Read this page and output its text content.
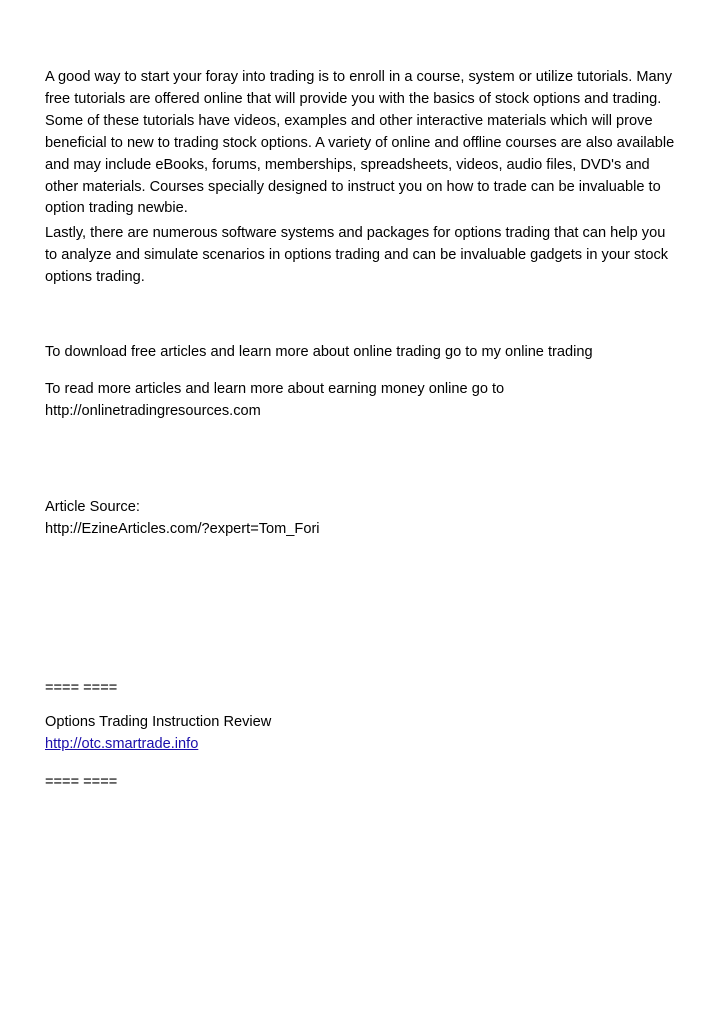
A good way to start your foray into trading is to enroll in a course, system or utilize tutorials. Many
free tutorials are offered online that will provide you with the basics of stock options and trading.
Some of these tutorials have videos, examples and other interactive materials which will prove
beneficial to new to trading stock options. A variety of online and offline courses are also available
and may include eBooks, forums, memberships, spreadsheets, videos, audio files, DVD's and
other materials. Courses specially designed to instruct you on how to trade can be invaluable to
option trading newbie.

Lastly, there are numerous software systems and packages for options trading that can help you
to analyze and simulate scenarios in options trading and can be invaluable gadgets in your stock
options trading.

To download free articles and learn more about online trading go to my online trading

To read more articles and learn more about earning money online go to
http://onlinetradingresources.com

Article Source:
http://EzineArticles.com/?expert=Tom_Fori

==== ====

Options Trading Instruction Review
http://otc.smartrade.info

==== ====
